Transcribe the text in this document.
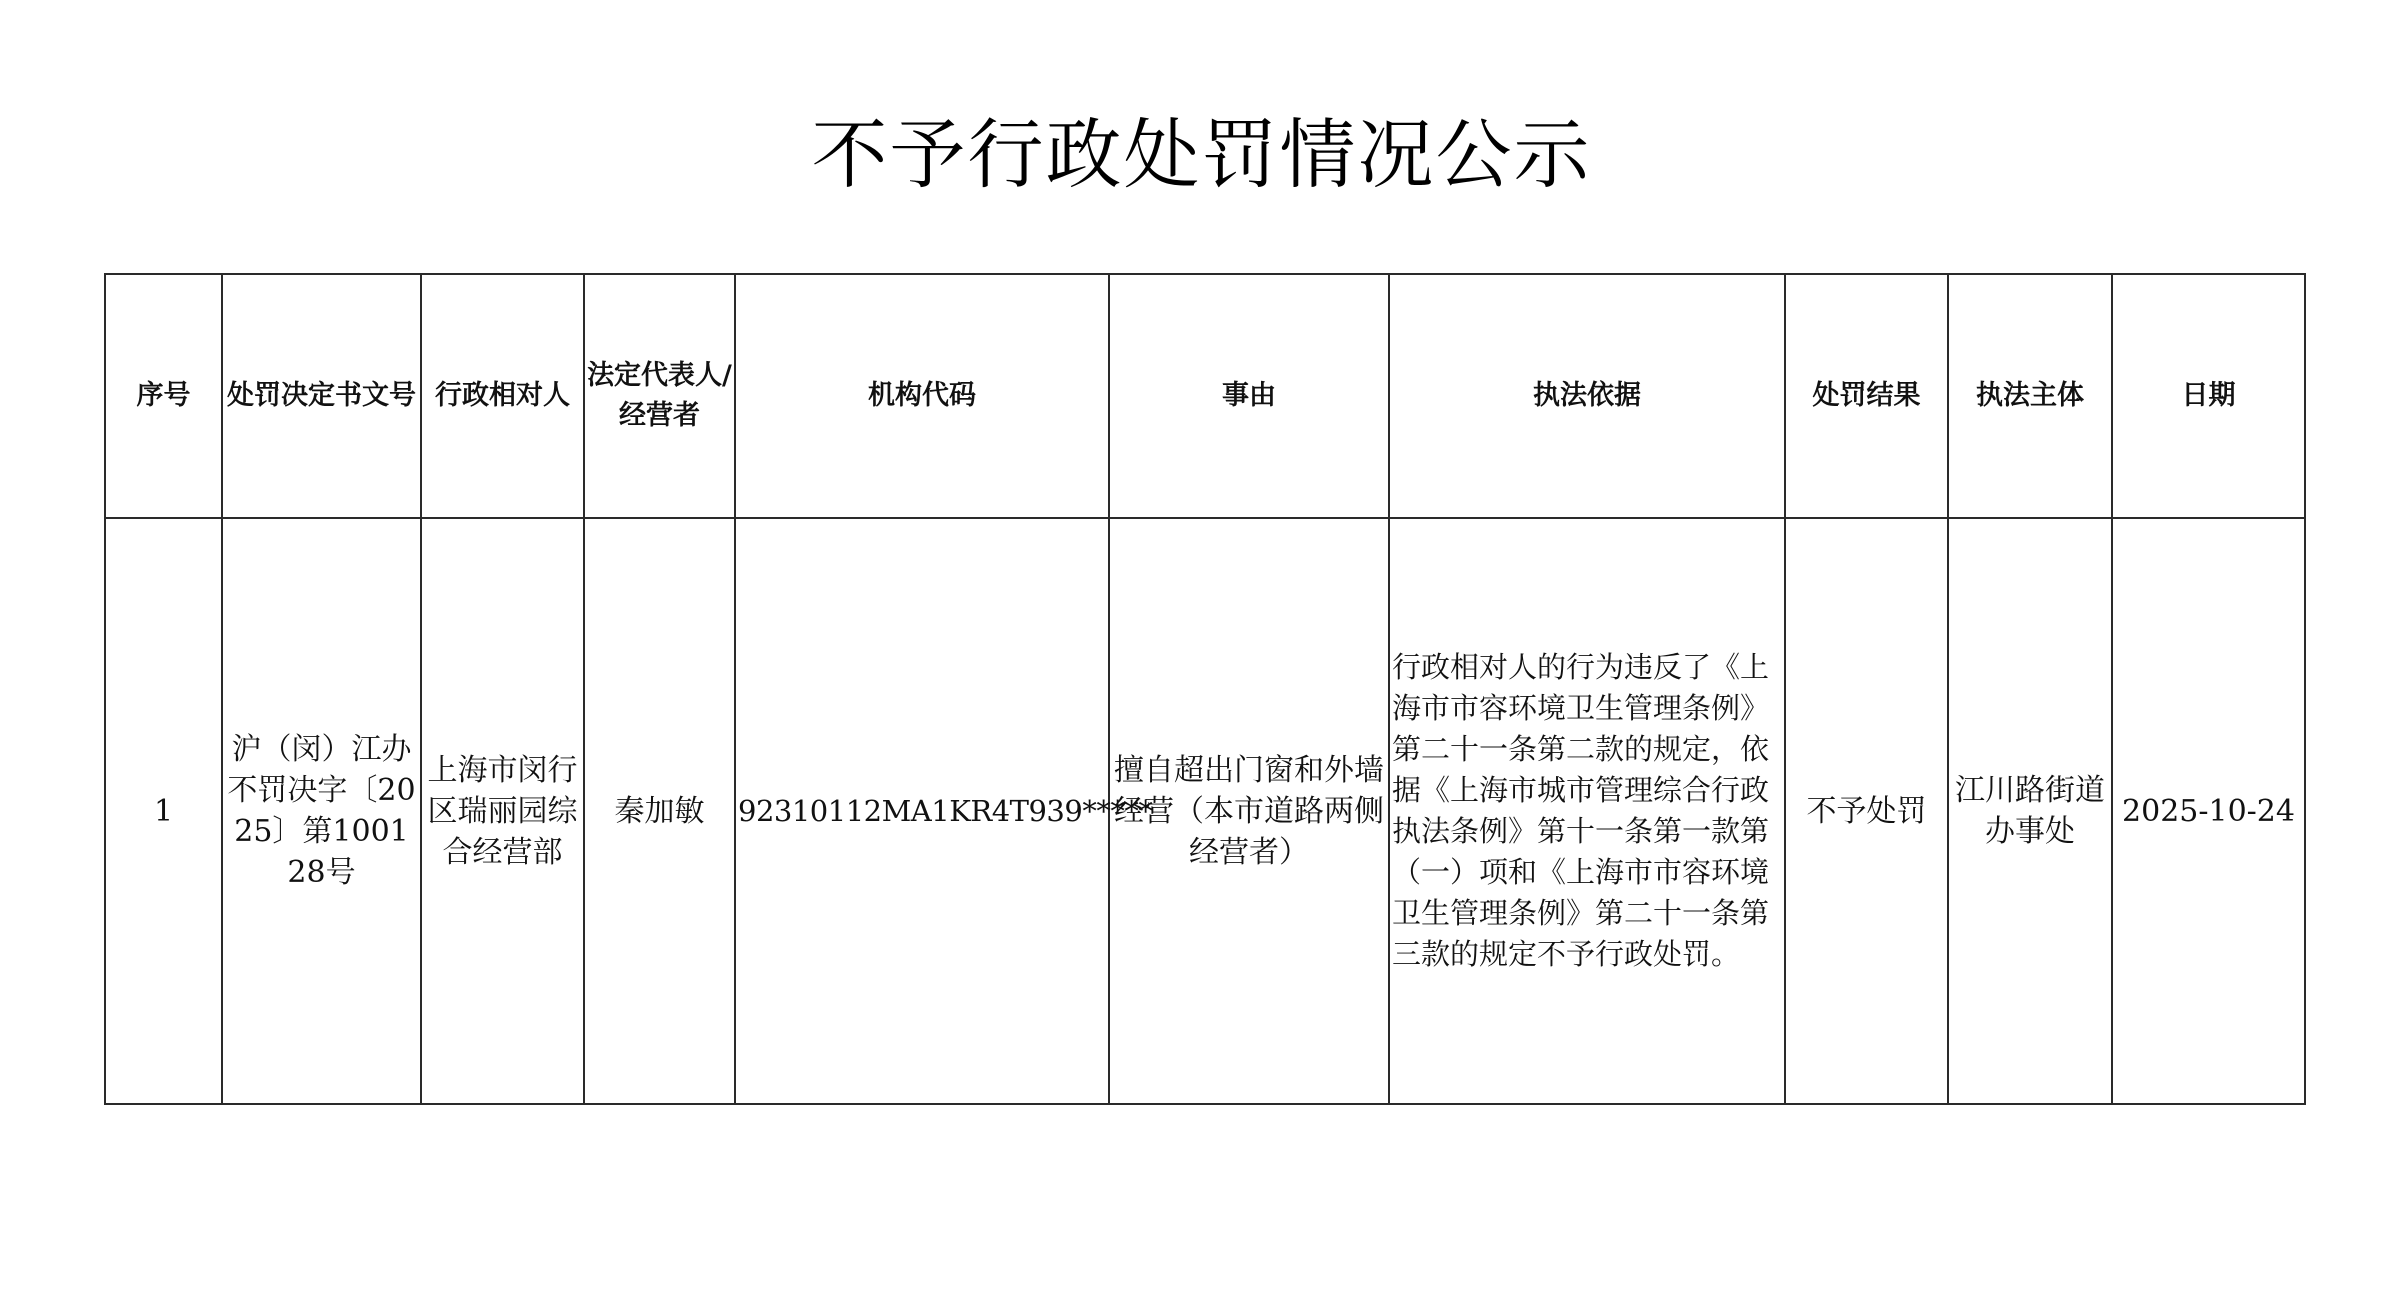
不予行政处罚情况公示
序号	处罚决定书文号	行政相对人	法定代表人/经营者	机构代码	事由	执法依据	处罚结果	执法主体	日期
1	沪（闵）江办不罚决字〔2025〕第100128号	上海市闵行区瑞丽园综合经营部	秦加敏	92310112MA1KR4T939*****	擅自超出门窗和外墙经营（本市道路两侧经营者）	行政相对人的行为违反了《上海市市容环境卫生管理条例》第二十一条第二款的规定，依据《上海市城市管理综合行政执法条例》第十一条第一款第（一）项和《上海市市容环境卫生管理条例》第二十一条第三款的规定不予行政处罚。	不予处罚	江川路街道办事处	2025-10-24
